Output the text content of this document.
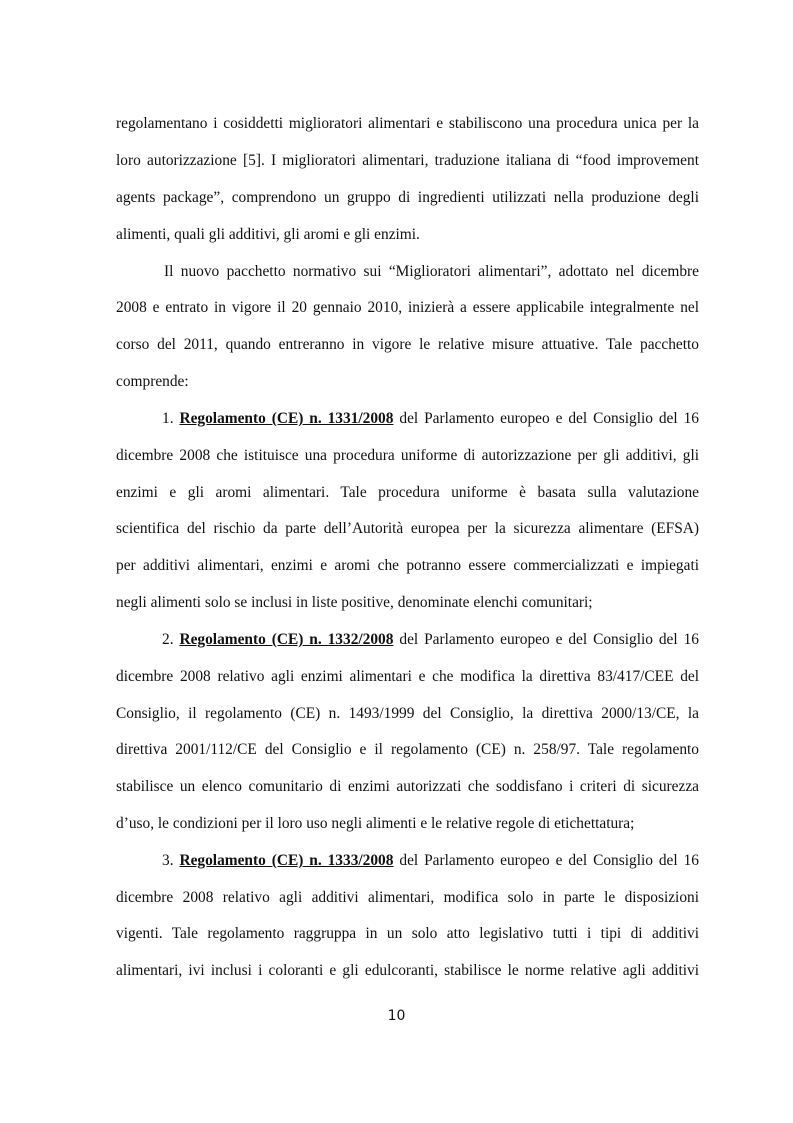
regolamentano i cosiddetti miglioratori alimentari e stabiliscono una procedura unica per la
loro autorizzazione [5]. I miglioratori alimentari, traduzione italiana di “food improvement
agents package”, comprendono un gruppo di ingredienti utilizzati nella produzione degli
alimenti, quali gli additivi, gli aromi e gli enzimi.
Il nuovo pacchetto normativo sui “Miglioratori alimentari”, adottato nel dicembre
2008 e entrato in vigore il 20 gennaio 2010, inizierà a essere applicabile integralmente nel
corso del 2011, quando entreranno in vigore le relative misure attuative. Tale pacchetto
comprende:
1. Regolamento (CE) n. 1331/2008 del Parlamento europeo e del Consiglio del 16
dicembre 2008 che istituisce una procedura uniforme di autorizzazione per gli additivi, gli
enzimi e gli aromi alimentari. Tale procedura uniforme è basata sulla valutazione
scientifica del rischio da parte dell’Autorità europea per la sicurezza alimentare (EFSA)
per additivi alimentari, enzimi e aromi che potranno essere commercializzati e impiegati
negli alimenti solo se inclusi in liste positive, denominate elenchi comunitari;
2. Regolamento (CE) n. 1332/2008 del Parlamento europeo e del Consiglio del 16
dicembre 2008 relativo agli enzimi alimentari e che modifica la direttiva 83/417/CEE del
Consiglio, il regolamento (CE) n. 1493/1999 del Consiglio, la direttiva 2000/13/CE, la
direttiva 2001/112/CE del Consiglio e il regolamento (CE) n. 258/97. Tale regolamento
stabilisce un elenco comunitario di enzimi autorizzati che soddisfano i criteri di sicurezza
d’uso, le condizioni per il loro uso negli alimenti e le relative regole di etichettatura;
3. Regolamento (CE) n. 1333/2008 del Parlamento europeo e del Consiglio del 16
dicembre 2008 relativo agli additivi alimentari, modifica solo in parte le disposizioni
vigenti. Tale regolamento raggruppa in un solo atto legislativo tutti i tipi di additivi
alimentari, ivi inclusi i coloranti e gli edulcoranti, stabilisce le norme relative agli additivi
10
